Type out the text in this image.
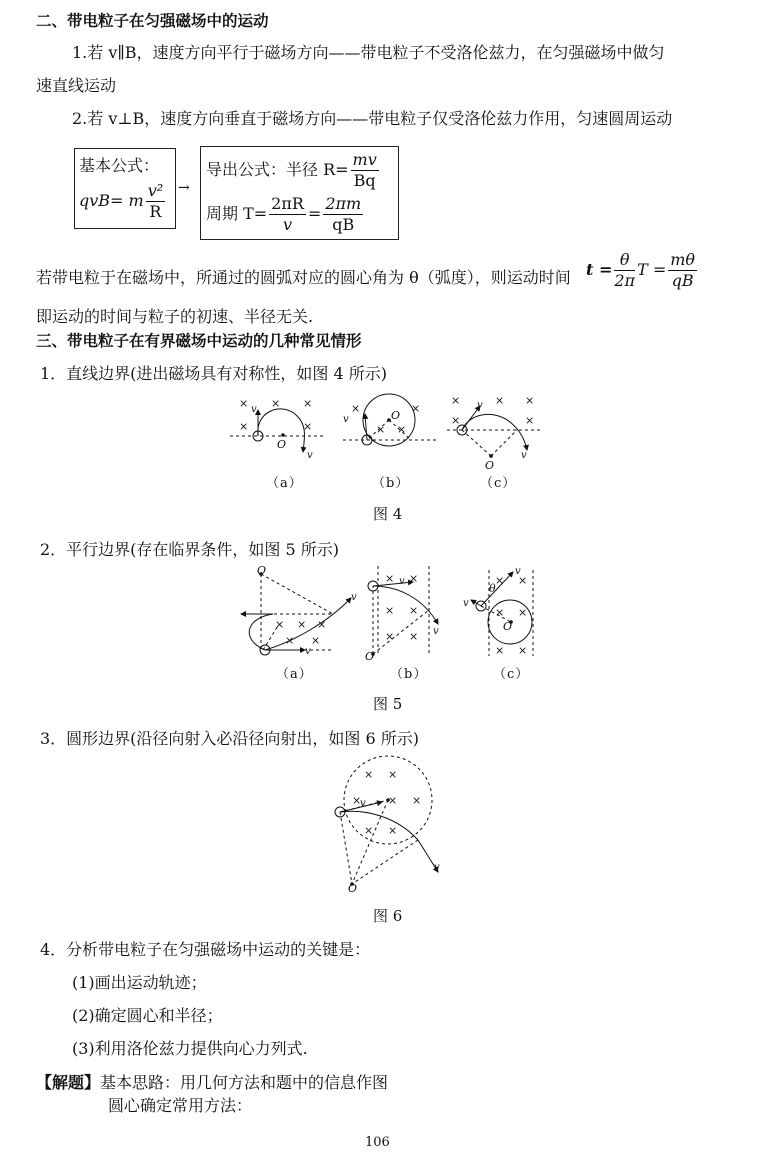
二、带电粒子在匀强磁场中的运动
1.若 v∥B，速度方向平行于磁场方向——带电粒子不受洛伦兹力，在匀强磁场中做匀
速直线运动
2.若 v⊥B，速度方向垂直于磁场方向——带电粒子仅受洛伦兹力作用，匀速圆周运动
基本公式：
qvB= m $\frac{\text{v²}}{R}$ →
导出公式：半径 $R= \frac{mv}{Bq}$
周期 $T= \frac{2\pi R}{v} = \frac{2\pi m}{qB}$
若带电粒于在磁场中，所通过的圆弧对应的圆心角为 θ（弧度），则运动时间 $t = \frac{\theta}{2\pi}$ $T = \frac{m\theta}{qB}$
即运动的时间与粒子的初速、半径无关.
三、带电粒子在有界磁场中运动的几种常见情形
1．直线边界(进出磁场具有对称性，如图 4 所示)
× × ×
×	×
×	×
× ×
×	× ×
×	×
O
O
O
v
v
v
v
v
（a）	（b）	（c）
图 4
2．平行边界(存在临界条件，如图 5 所示)
O
O
O
× × ×
× ×
× ×
× ×
× ×
× ×
× ×
× ×
v
v
v
v
v
v
θ
（a）	（b）	（c）
图 5
3．圆形边界(沿径向射入必沿径向射出，如图 6 所示)
O
× ×
×	×
×
× ×
v
v
图 6
4．分析带电粒子在匀强磁场中运动的关键是：
(1)画出运动轨迹；
(2)确定圆心和半径；
(3)利用洛伦兹力提供向心力列式.
【解题】基本思路：用几何方法和题中的信息作图
圆心确定常用方法：
106
